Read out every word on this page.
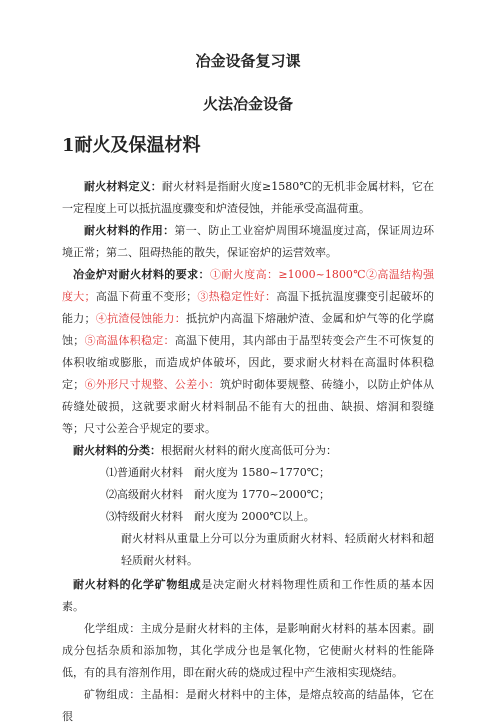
冶金设备复习课
火法冶金设备
1耐火及保温材料
耐火材料定义：耐火材料是指耐火度≥1580℃的无机非金属材料，它在一定程度上可以抵抗温度骤变和炉渣侵蚀，并能承受高温荷重。
耐火材料的作用：第一、防止工业窑炉周围环境温度过高，保证周边环境正常；第二、阻碍热能的散失，保证窑炉的运营效率。
冶金炉对耐火材料的要求：①耐火度高：≥1000~1800℃②高温结构强度大；高温下荷重不变形；③热稳定性好：高温下抵抗温度骤变引起破坏的能力；④抗渣侵蚀能力：抵抗炉内高温下熔融炉渣、金属和炉气等的化学腐蚀；⑤高温体积稳定：高温下使用，其内部由于晶型转变会产生不可恢复的体积收缩或膨胀，而造成炉体破坏，因此，要求耐火材料在高温时体积稳定；⑥外形尺寸规整、公差小：筑炉时砌体要规整、砖缝小，以防止炉体从砖缝处破损，这就要求耐火材料制品不能有大的扭曲、缺损、熔洞和裂缝等；尺寸公差合乎规定的要求。
耐火材料的分类：根据耐火材料的耐火度高低可分为：
⑴普通耐火材料　耐火度为 1580~1770℃；
⑵高级耐火材料　耐火度为 1770~2000℃；
⑶特级耐火材料　耐火度为 2000℃以上。
耐火材料从重量上分可以分为重质耐火材料、轻质耐火材料和超轻质耐火材料。
耐火材料的化学矿物组成是决定耐火材料物理性质和工作性质的基本因素。
化学组成：主成分是耐火材料的主体，是影响耐火材料的基本因素。副成分包括杂质和添加物，其化学成分也是氧化物，它使耐火材料的性能降低，有的具有溶剂作用，即在耐火砖的烧成过程中产生液相实现烧结。
矿物组成：主晶相：是耐火材料中的主体，是熔点较高的结晶体，它在很
